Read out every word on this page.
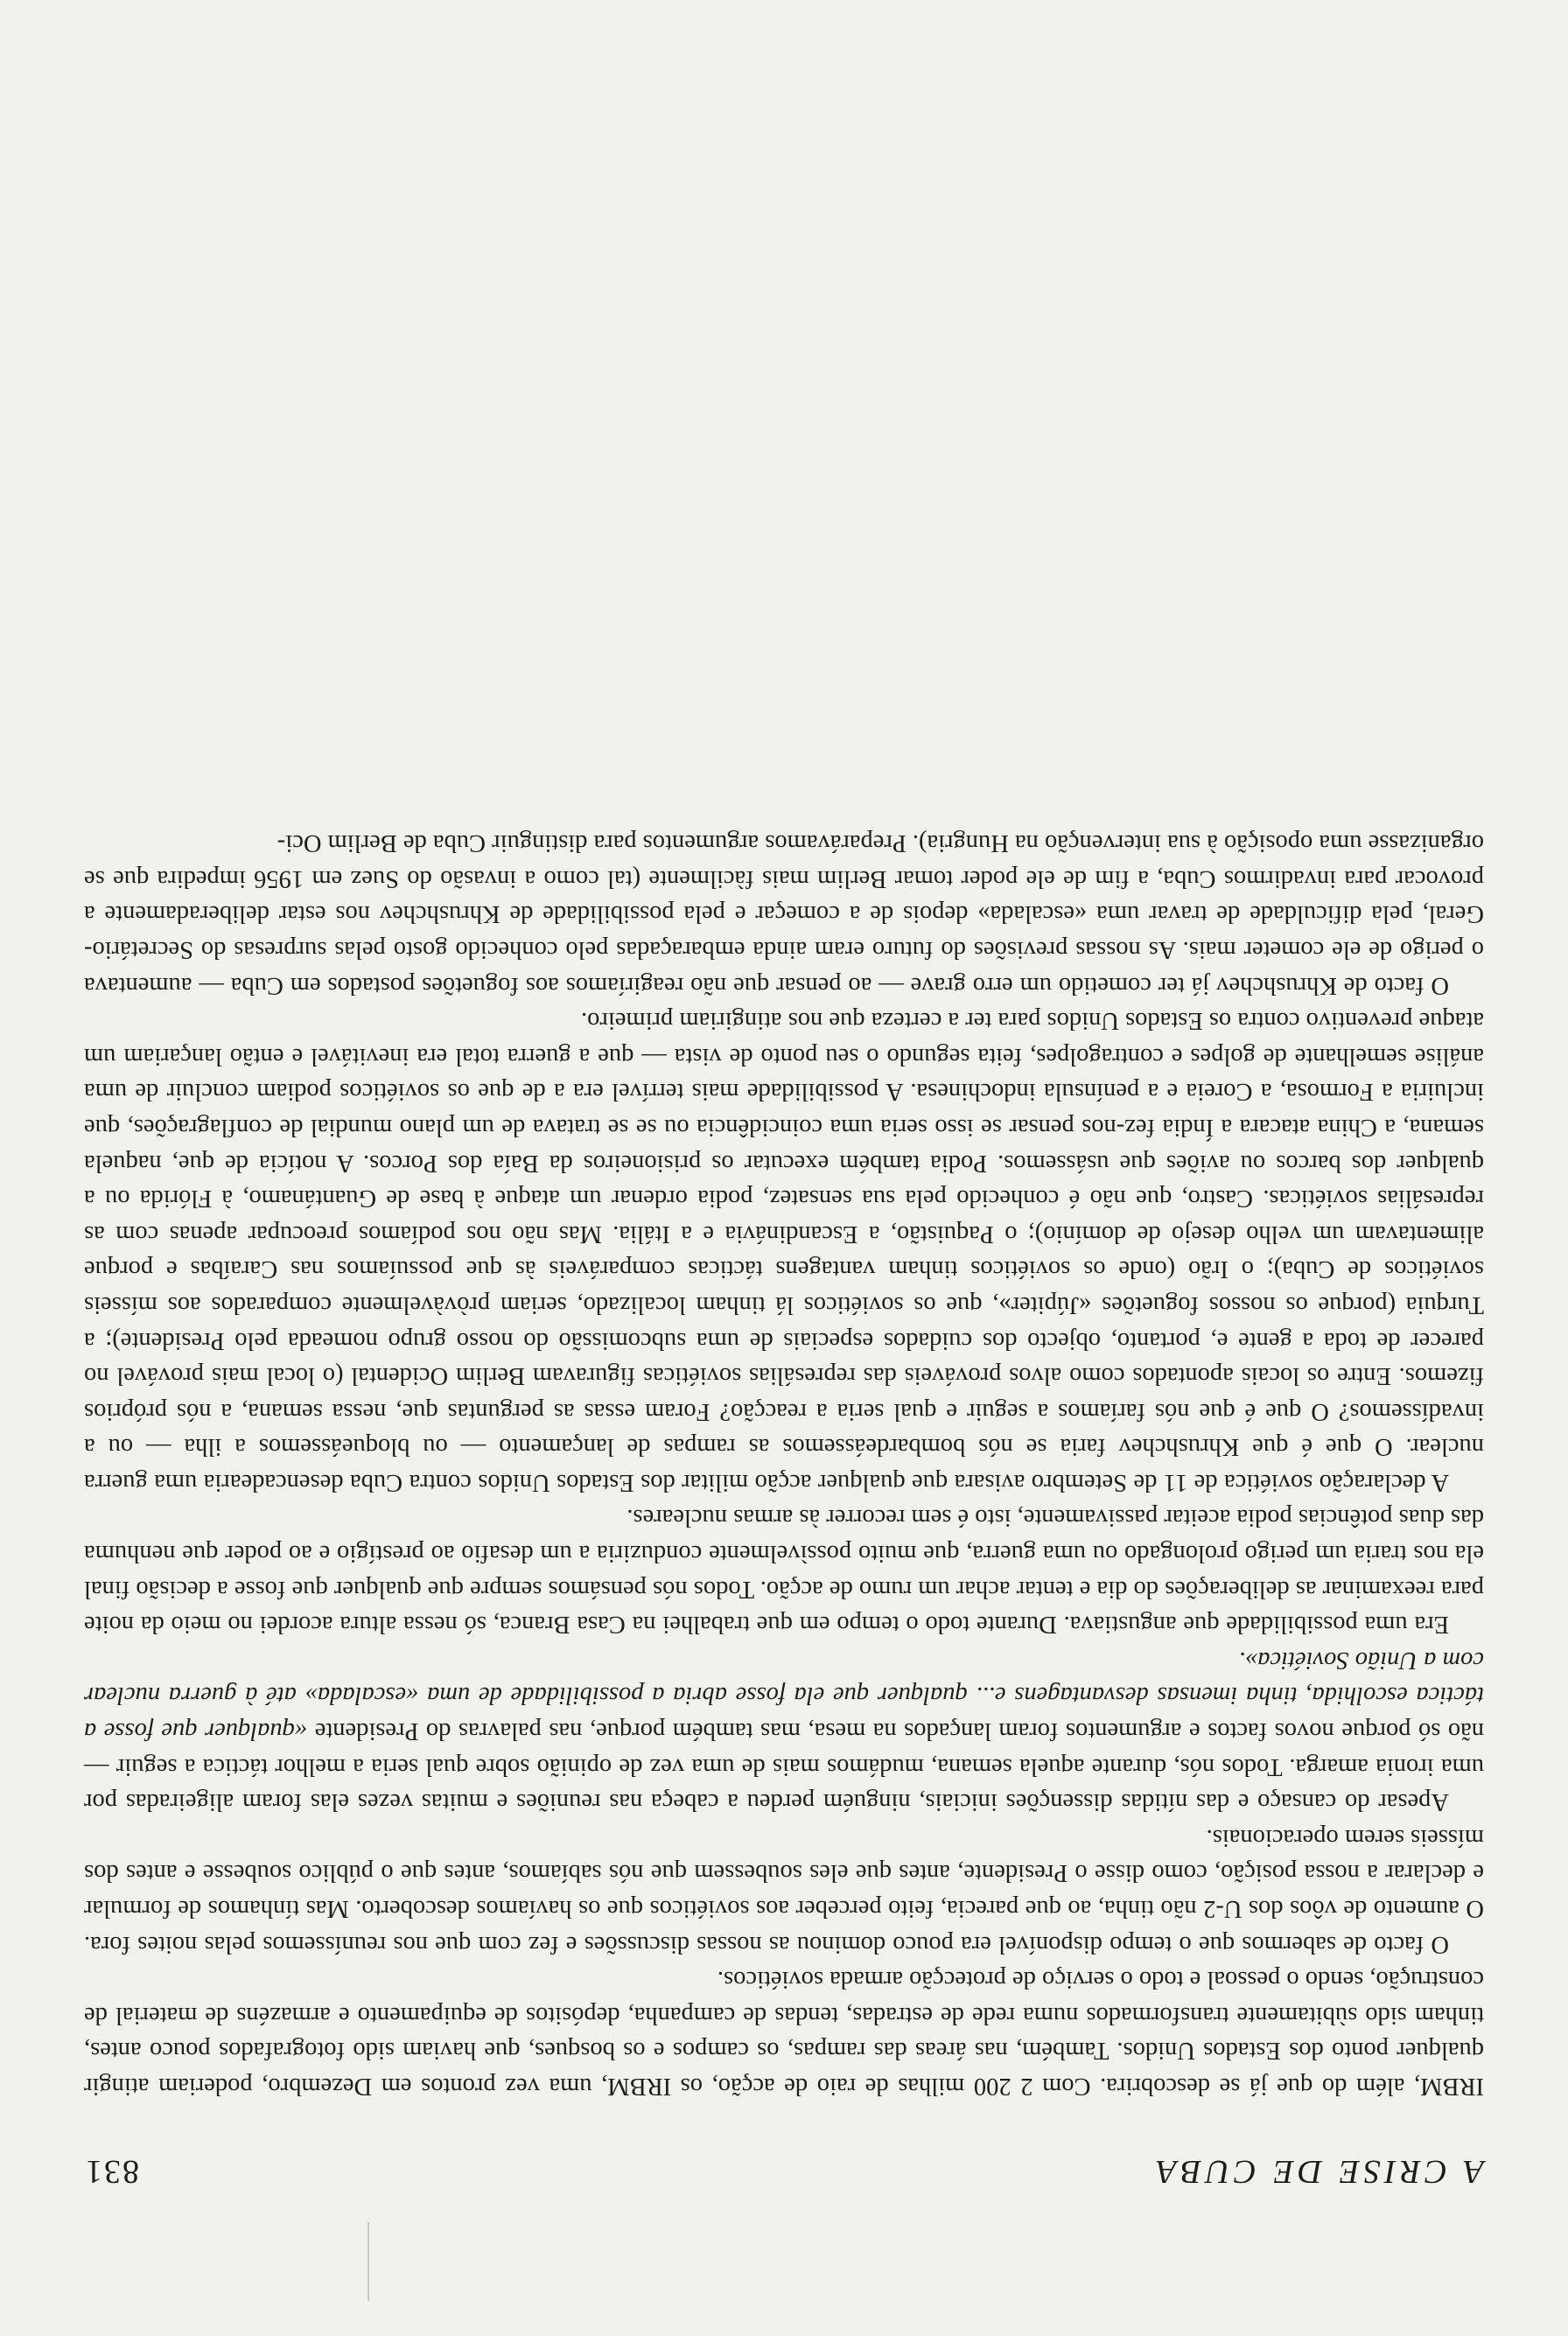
A CRISE DE CUBA
831

IRBM, além do que já se descobrira. Com 2 200 milhas de raio de acção, os IRBM, uma vez prontos em Dezembro, poderiam atingir qualquer ponto dos Estados Unidos. Também, nas áreas das rampas, os campos e os bosques, que haviam sido fotografados pouco antes, tinham sido sùbitamente transformados numa rede de estradas, tendas de campanha, depósitos de equipamento e armazéns de material de construção, sendo o pessoal e todo o serviço de protecção armada soviéticos.

O facto de sabermos que o tempo disponível era pouco dominou as nossas discussões e fez com que nos reuníssemos pelas noites fora. O aumento de vôos dos U-2 não tinha, ao que parecia, feito perceber aos soviéticos que os havíamos descoberto. Mas tínhamos de formular e declarar a nossa posição, como disse o Presidente, antes que eles soubessem que nós sabíamos, antes que o público soubesse e antes dos mísseis serem operacionais.

Apesar do cansaço e das nítidas dissenções iniciais, ninguém perdeu a cabeça nas reuniões e muitas vezes elas foram aligeiradas por uma ironia amarga. Todos nós, durante aquela semana, mudámos mais de uma vez de opinião sobre qual seria a melhor táctica a seguir — não só porque novos factos e argumentos foram lançados na mesa, mas também porque, nas palavras do Presidente «qualquer que fosse a táctica escolhida, tinha imensas desvantagens e... qualquer que ela fosse abria a possibilidade de uma «escalada» até à guerra nuclear com a União Soviética».

Era uma possibilidade que angustiava. Durante todo o tempo em que trabalhei na Casa Branca, só nessa altura acordei no meio da noite para reexaminar as deliberações do dia e tentar achar um rumo de acção. Todos nós pensámos sempre que qualquer que fosse a decisão final ela nos traria um perigo prolongado ou uma guerra, que muito possìvelmente conduziria a um desafio ao prestígio e ao poder que nenhuma das duas potências podia aceitar passivamente, isto é sem recorrer às armas nucleares.

A declaração soviética de 11 de Setembro avisara que qualquer acção militar dos Estados Unidos contra Cuba desencadearia uma guerra nuclear. O que é que Khrushchev faria se nós bombardeássemos as rampas de lançamento — ou bloqueássemos a ilha — ou a invadíssemos? O que é que nós faríamos a seguir e qual seria a reacção? Foram essas as perguntas que, nessa semana, a nós próprios fizemos. Entre os locais apontados como alvos prováveis das represálias soviéticas figuravam Berlim Ocidental (o local mais provável no parecer de toda a gente e, portanto, objecto dos cuidados especiais de uma subcomissão do nosso grupo nomeada pelo Presidente); a Turquia (porque os nossos foguetões «Júpiter», que os soviéticos lá tinham localizado, seriam pròvàvelmente comparados aos mísseis soviéticos de Cuba); o Irão (onde os soviéticos tinham vantagens tácticas comparáveis às que possuíamos nas Caraíbas e porque alimentavam um velho desejo de domínio); o Paquistão, a Escandinávia e a Itália. Mas não nos podíamos preocupar apenas com as represálias soviéticas. Castro, que não é conhecido pela sua sensatez, podia ordenar um ataque à base de Guantánamo, à Flórida ou a qualquer dos barcos ou aviões que usássemos. Podia também executar os prisioneiros da Baía dos Porcos. A notícia de que, naquela semana, a China atacara a Índia fez-nos pensar se isso seria uma coincidência ou se se tratava de um plano mundial de conflagrações, que incluiria a Formosa, a Coreia e a península indochinesa. A possibilidade mais terrível era a de que os soviéticos podiam concluir de uma análise semelhante de golpes e contragolpes, feita segundo o seu ponto de vista — que a guerra total era inevitável e então lançariam um ataque preventivo contra os Estados Unidos para ter a certeza que nos atingiriam primeiro.

O facto de Khrushchev já ter cometido um erro grave — ao pensar que não reagiríamos aos foguetões postados em Cuba — aumentava o perigo de ele cometer mais. As nossas previsões do futuro eram ainda embaraçadas pelo conhecido gosto pelas surpresas do Secretário-Geral, pela dificuldade de travar uma «escalada» depois de a começar e pela possibilidade de Khrushchev nos estar deliberadamente a provocar para invadirmos Cuba, a fim de ele poder tomar Berlim mais fàcilmente (tal como a invasão do Suez em 1956 impedira que se organizasse uma oposição à sua intervenção na Hungria). Preparávamos argumentos para distinguir Cuba de Berlim Oci-
